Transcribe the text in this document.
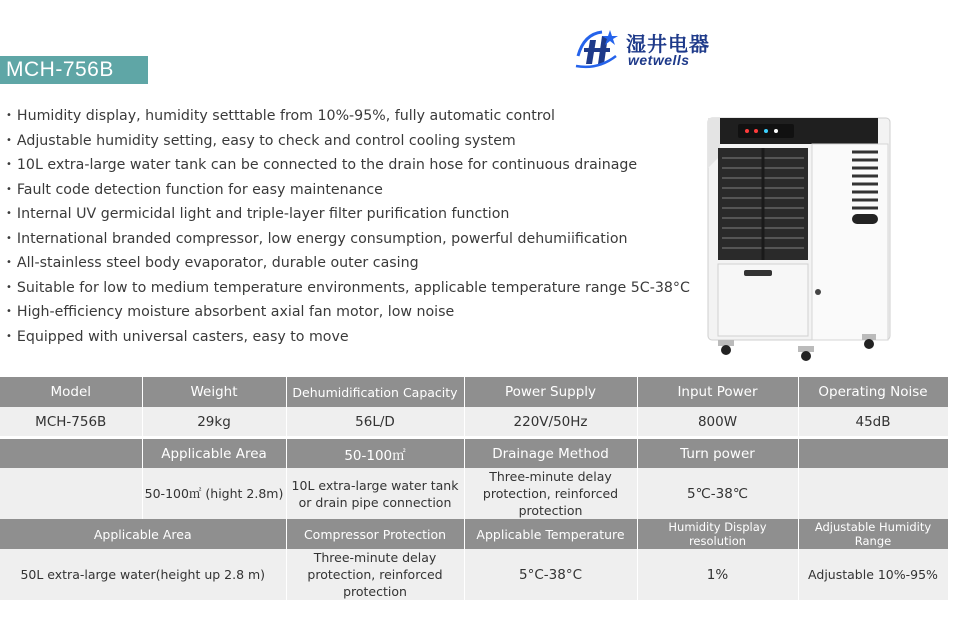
MCH-756B
湿井电器
wetwells
• Humidity display, humidity setttable from 10%-95%, fully automatic control
• Adjustable humidity setting, easy to check and control cooling system
• 10L extra-large water tank can be connected to the drain hose for continuous drainage
• Fault code detection function for easy maintenance
• Internal UV germicidal light and triple-layer filter purification function
• International branded compressor, low energy consumption, powerful dehumiification
• All-stainless steel body evaporator, durable outer casing
• Suitable for low to medium temperature environments, applicable temperature range 5C-38°C
• High-efficiency moisture absorbent axial fan motor, low noise
• Equipped with universal casters, easy to move
Model	Weight	Dehumidification Capacity	Power Supply	Input Power	Operating Noise
MCH-756B	29kg	56L/D	220V/50Hz	800W	45dB

	Applicable Area	50-100㎡	Drainage Method	Turn power	
	50-100㎡ (hight 2.8m)	10L extra-large water tank or drain pipe connection	Three-minute delay protection, reinforced protection	5℃-38℃	
Applicable Area		Compressor Protection	Applicable Temperature	Humidity Display resolution	Adjustable Humidity Range
50L extra-large water(height up 2.8 m)		Three-minute delay protection, reinforced protection	5°C-38°C	1%	Adjustable 10%-95%
